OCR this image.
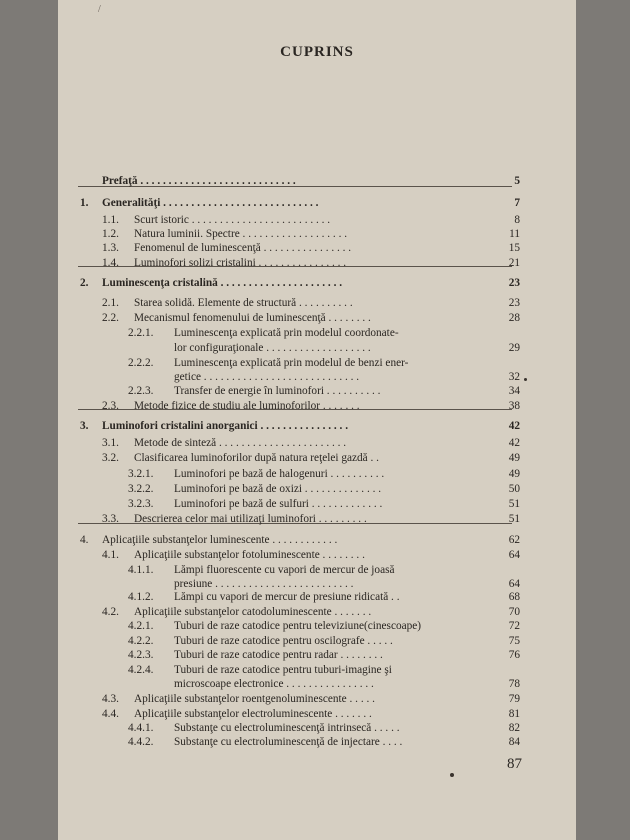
/
CUPRINS
Prefaţă . . . . . . . . . . . . . . . . . . . . . . . . . . . .	5
1. Generalităţi . . . . . . . . . . . . . . . . . . . . . . . . . . . .	7
1.1. Scurt istoric . . . . . . . . . . . . . . . . . . . . . . . . .	8
1.2. Natura luminii. Spectre . . . . . . . . . . . . . . . . . . .	11
1.3. Fenomenul de luminescenţă . . . . . . . . . . . . . . . .	15
1.4. Luminofori solizi cristalini . . . . . . . . . . . . . . . .	21
2. Luminescenţa cristalină . . . . . . . . . . . . . . . . . . . . . .	23
2.1. Starea solidă. Elemente de structură . . . . . . . . . .	23
2.2. Mecanismul fenomenului de luminescenţă . . . . . . . .	28
2.2.1. Luminescenţa explicată prin modelul coordonate-
lor configuraţionale . . . . . . . . . . . . . . . . . . .	29
2.2.2. Luminescenţa explicată prin modelul de benzi ener-
getice . . . . . . . . . . . . . . . . . . . . . . . . . . . .	32
2.2.3. Transfer de energie în luminofori . . . . . . . . . .	34
2.3. Metode fizice de studiu ale luminoforilor . . . . . . .	38
3. Luminofori cristalini anorganici . . . . . . . . . . . . . . . .	42
3.1. Metode de sinteză . . . . . . . . . . . . . . . . . . . . . . .	42
3.2. Clasificarea luminoforilor după natura reţelei gazdă . .	49
3.2.1. Luminofori pe bază de halogenuri . . . . . . . . . .	49
3.2.2. Luminofori pe bază de oxizi . . . . . . . . . . . . . .	50
3.2.3. Luminofori pe bază de sulfuri . . . . . . . . . . . . .	51
3.3. Descrierea celor mai utilizaţi luminofori . . . . . . . . .	51
4. Aplicaţiile substanţelor luminescente . . . . . . . . . . . .	62
4.1. Aplicaţiile substanţelor fotoluminescente . . . . . . . .	64
4.1.1. Lămpi fluorescente cu vapori de mercur de joasă
presiune . . . . . . . . . . . . . . . . . . . . . . . . .	64
4.1.2. Lămpi cu vapori de mercur de presiune ridicată . .	68
4.2. Aplicaţiile substanţelor catodoluminescente . . . . . . .	70
4.2.1. Tuburi de raze catodice pentru televiziune(cinescoape)	72
4.2.2. Tuburi de raze catodice pentru oscilografe . . . . .	75
4.2.3. Tuburi de raze catodice pentru radar . . . . . . . .	76
4.2.4. Tuburi de raze catodice pentru tuburi-imagine şi
microscoape electronice . . . . . . . . . . . . . . . .	78
4.3. Aplicaţiile substanţelor roentgenoluminescente . . . . .	79
4.4. Aplicaţiile substanţelor electroluminescente . . . . . . .	81
4.4.1. Substanţe cu electroluminescenţă intrinsecă . . . . .	82
4.4.2. Substanţe cu electroluminescenţă de injectare . . . .	84
87
